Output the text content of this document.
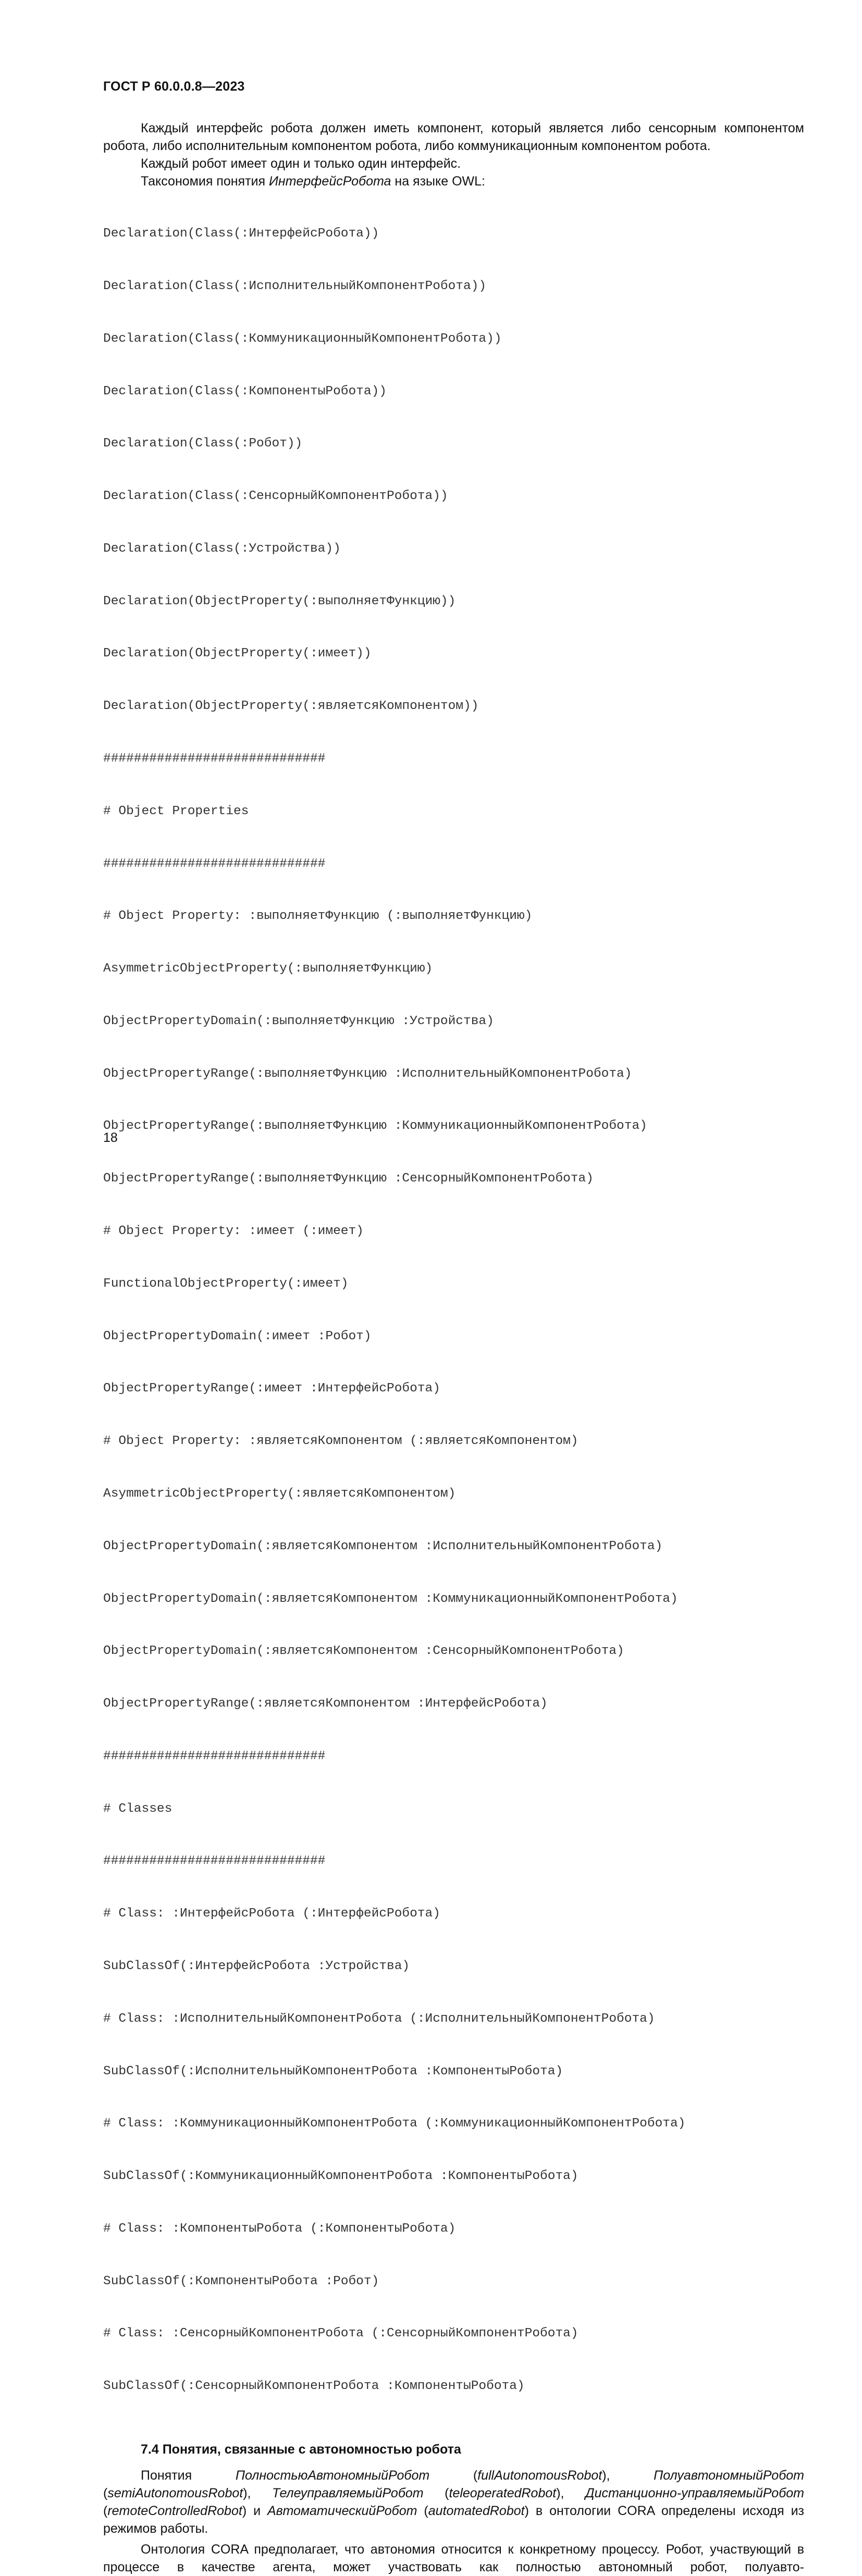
ГОСТ Р 60.0.0.8—2023

Каждый интерфейс робота должен иметь компонент, который является либо сенсорным компонентом робота, либо исполнительным компонентом робота, либо коммуникационным компонентом робота.

Каждый робот имеет один и только один интерфейс.

Таксономия понятия ИнтерфейсРобота на языке OWL:

Declaration(Class(:ИнтерфейсРобота))

Declaration(Class(:ИсполнительныйКомпонентРобота))

Declaration(Class(:КоммуникационныйКомпонентРобота))

Declaration(Class(:КомпонентыРобота))

Declaration(Class(:Робот))

Declaration(Class(:СенсорныйКомпонентРобота))

Declaration(Class(:Устройства))

Declaration(ObjectProperty(:выполняетФункцию))

Declaration(ObjectProperty(:имеет))

Declaration(ObjectProperty(:являетсяКомпонентом))

#############################

# Object Properties

#############################

# Object Property: :выполняетФункцию (:выполняетФункцию)

AsymmetricObjectProperty(:выполняетФункцию)

ObjectPropertyDomain(:выполняетФункцию :Устройства)

ObjectPropertyRange(:выполняетФункцию :ИсполнительныйКомпонентРобота)

ObjectPropertyRange(:выполняетФункцию :КоммуникационныйКомпонентРобота)

ObjectPropertyRange(:выполняетФункцию :СенсорныйКомпонентРобота)

# Object Property: :имеет (:имеет)

FunctionalObjectProperty(:имеет)

ObjectPropertyDomain(:имеет :Робот)

ObjectPropertyRange(:имеет :ИнтерфейсРобота)

# Object Property: :являетсяКомпонентом (:являетсяКомпонентом)

AsymmetricObjectProperty(:являетсяКомпонентом)

ObjectPropertyDomain(:являетсяКомпонентом :ИсполнительныйКомпонентРобота)

ObjectPropertyDomain(:являетсяКомпонентом :КоммуникационныйКомпонентРобота)

ObjectPropertyDomain(:являетсяКомпонентом :СенсорныйКомпонентРобота)

ObjectPropertyRange(:являетсяКомпонентом :ИнтерфейсРобота)

#############################

# Classes

#############################

# Class: :ИнтерфейсРобота (:ИнтерфейсРобота)

SubClassOf(:ИнтерфейсРобота :Устройства)

# Class: :ИсполнительныйКомпонентРобота (:ИсполнительныйКомпонентРобота)

SubClassOf(:ИсполнительныйКомпонентРобота :КомпонентыРобота)

# Class: :КоммуникационныйКомпонентРобота (:КоммуникационныйКомпонентРобота)

SubClassOf(:КоммуникационныйКомпонентРобота :КомпонентыРобота)

# Class: :КомпонентыРобота (:КомпонентыРобота)

SubClassOf(:КомпонентыРобота :Робот)

# Class: :СенсорныйКомпонентРобота (:СенсорныйКомпонентРобота)

SubClassOf(:СенсорныйКомпонентРобота :КомпонентыРобота)

7.4 Понятия, связанные с автономностью робота

Понятия ПолностьюАвтономныйРобот (fullAutonomousRobot), ПолуавтономныйРобот (semiAutonomousRobot), ТелеуправляемыйРобот (teleoperatedRobot), Дистанционно-управляемыйРобот (remoteControlledRobot) и АвтоматическийРобот (automatedRobot) в онтологии CORA определены исходя из режимов работы.

Онтология CORA предполагает, что автономия относится к конкретному процессу. Робот, участвующий в процессе в качестве агента, может участвовать как полностью автономный робот, полуавто-

18
